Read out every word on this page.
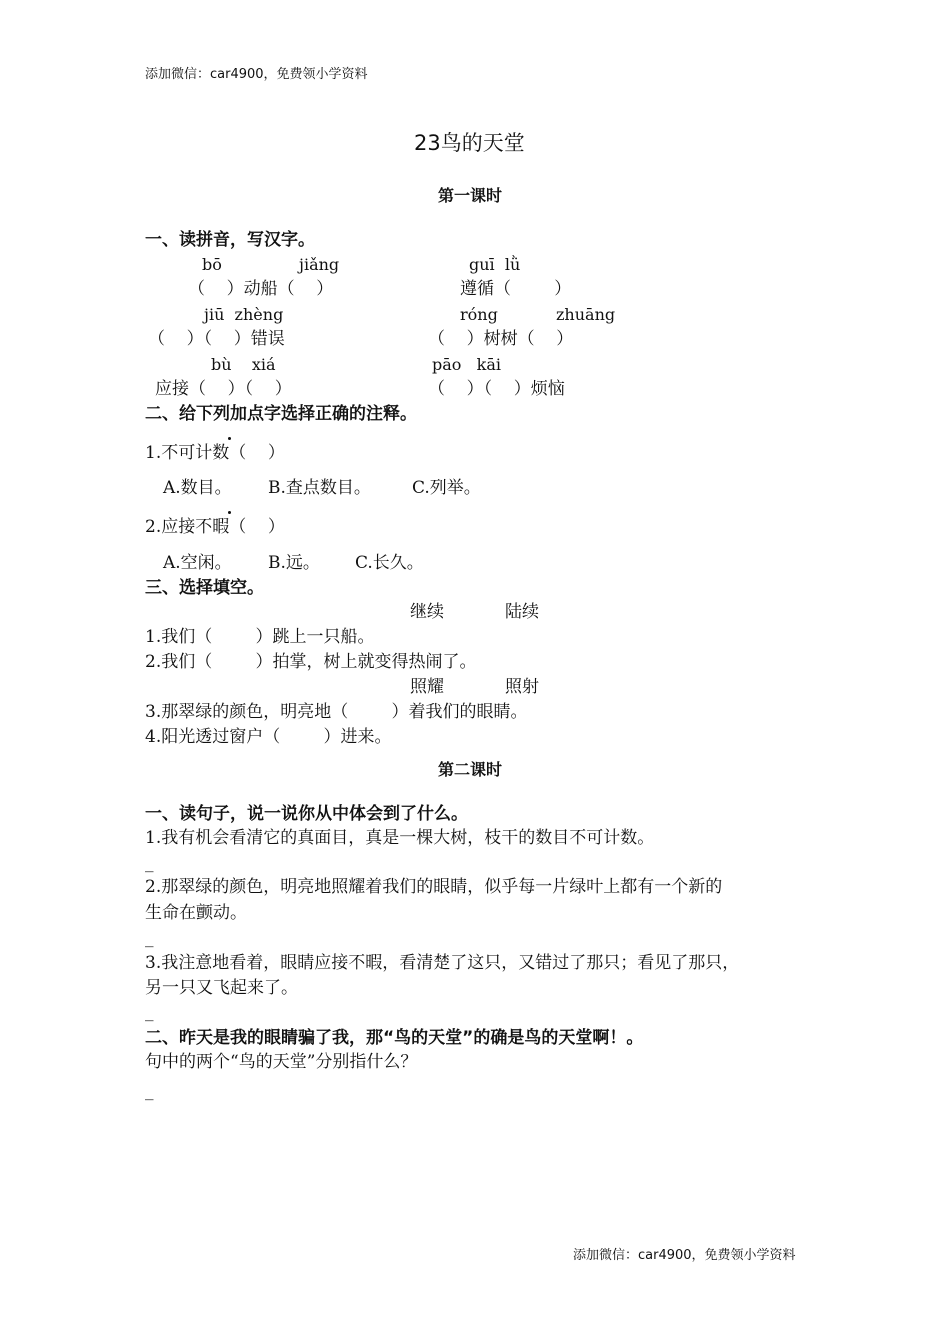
添加微信：car4900，免费领小学资料
23鸟的天堂
第一课时
一、读拼音，写汉字。
bō	jiǎng	guī  lǜ
（    ）动船（    ）	遵循（        ）
jiū  zhèng	róng	zhuāng
（    ）（    ）错误	（    ）树树（    ）
bù    xiá	pāo   kāi
应接（    ）（    ）	（    ）（    ）烦恼
二、给下列加点字选择正确的注释。
1.不可计数（    ）
A.数目。 B.查点数目。 C.列举。
2.应接不暇（    ）
A.空闲。 B.远。 C.长久。
三、选择填空。
继续	陆续
1.我们（        ）跳上一只船。
2.我们（        ）拍掌，树上就变得热闹了。
照耀	照射
3.那翠绿的颜色，明亮地（        ）着我们的眼睛。
4.阳光透过窗户（        ）进来。
第二课时
一、读句子，说一说你从中体会到了什么。
1.我有机会看清它的真面目，真是一棵大树，枝干的数目不可计数。
_
2.那翠绿的颜色，明亮地照耀着我们的眼睛，似乎每一片绿叶上都有一个新的
生命在颤动。
_
3.我注意地看着，眼睛应接不暇，看清楚了这只，又错过了那只；看见了那只，
另一只又飞起来了。
_
二、昨天是我的眼睛骗了我，那“鸟的天堂”的确是鸟的天堂啊！。
句中的两个“鸟的天堂”分别指什么？
_
添加微信：car4900，免费领小学资料
